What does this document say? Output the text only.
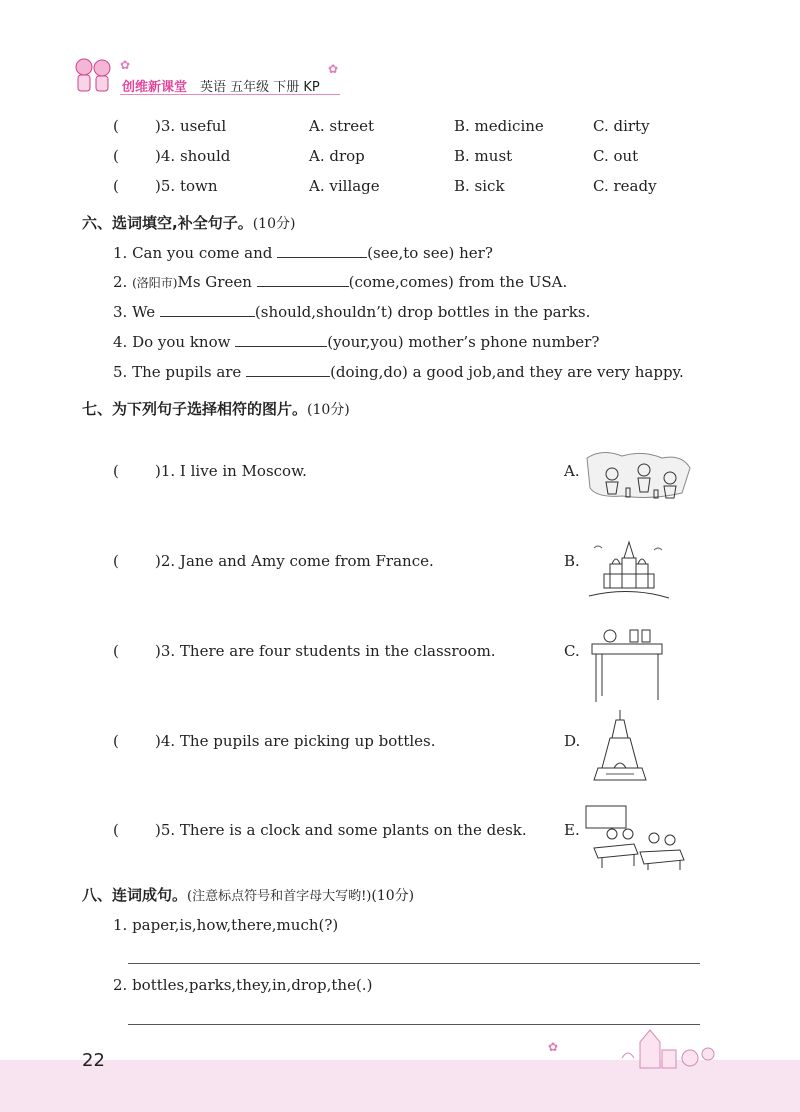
创维新课堂 英语 五年级 下册 KP
✿	✿
( )3. useful	A. street	B. medicine	C. dirty
( )4. should	A. drop	B. must	C. out
( )5. town	A. village	B. sick	C. ready
六、选词填空,补全句子。(10分)
1. Can you come and	(see,to see) her?
2. (洛阳市)Ms Green	(come,comes) from the USA.
3. We	(should,shouldn’t) drop bottles in the parks.
4. Do you know	(your,you) mother’s phone number?
5. The pupils are	(doing,do) a good job,and they are very happy.
七、为下列句子选择相符的图片。(10分)
( )1. I live in Moscow.	A.
( )2. Jane and Amy come from France.	B.
( )3. There are four students in the classroom.	C.
( )4. The pupils are picking up bottles.	D.
( )5. There is a clock and some plants on the desk. E.
八、连词成句。(注意标点符号和首字母大写哟!)(10分)
1. paper,is,how,there,much(?)
2. bottles,parks,they,in,drop,the(.)
✿
22
